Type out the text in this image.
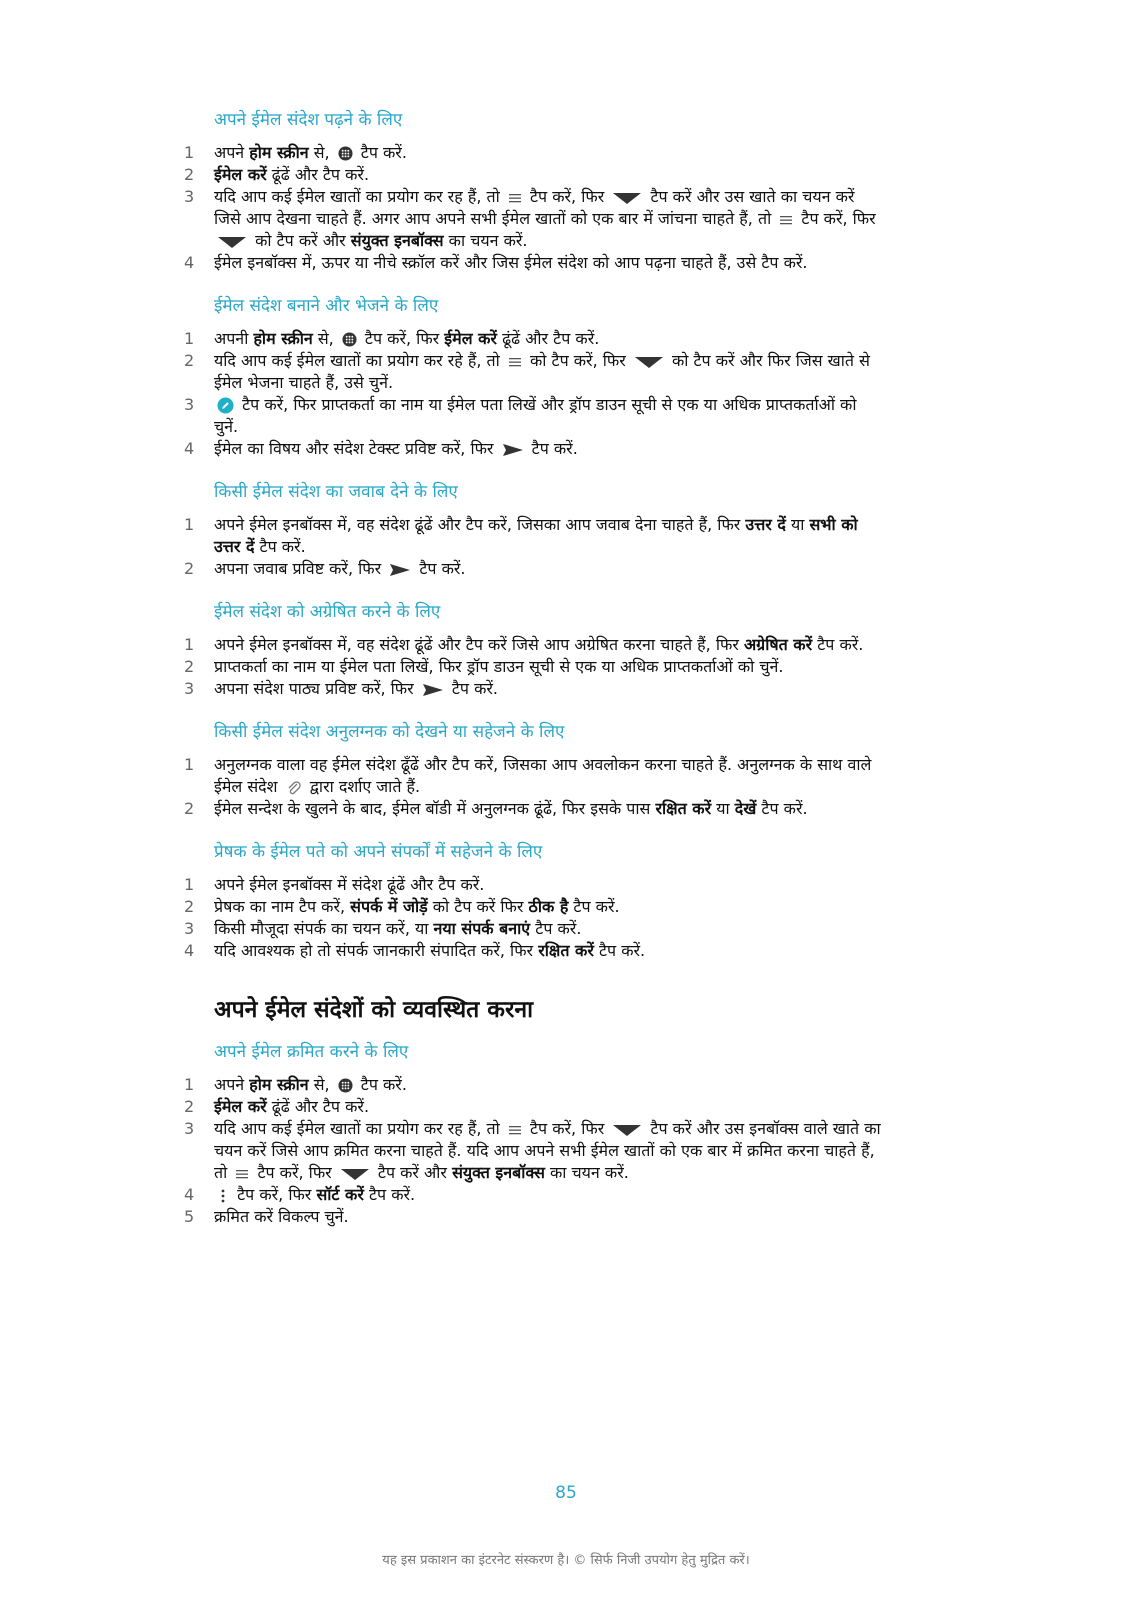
अपने ईमेल संदेश पढ़ने के लिए
1	अपने होम स्क्रीन से,
टैप करें.
2	ईमेल करें ढूंढें और टैप करें.
3	यदि आप कई ईमेल खातों का प्रयोग कर रह हैं, तो
टैप करें, फिर
टैप करें और उस खाते का चयन करें जिसे आप देखना चाहते हैं. अगर आप अपने सभी ईमेल खातों को एक बार में जांचना चाहते हैं, तो
टैप करें, फिर
को टैप करें और संयुक्त इनबॉक्स का चयन करें.
4	ईमेल इनबॉक्स में, ऊपर या नीचे स्क्रॉल करें और जिस ईमेल संदेश को आप पढ़ना चाहते हैं, उसे टैप करें.
ईमेल संदेश बनाने और भेजने के लिए
1	अपनी होम स्क्रीन से,
टैप करें, फिर ईमेल करें ढूंढें और टैप करें.
2	यदि आप कई ईमेल खातों का प्रयोग कर रहे हैं, तो
को टैप करें, फिर
को टैप करें और फिर जिस खाते से ईमेल भेजना चाहते हैं, उसे चुनें.
3	टैप करें, फिर प्राप्तकर्ता का नाम या ईमेल पता लिखें और ड्रॉप डाउन सूची से एक या अधिक प्राप्तकर्ताओं को चुनें.
4	ईमेल का विषय और संदेश टेक्स्ट प्रविष्ट करें, फिर
टैप करें.
किसी ईमेल संदेश का जवाब देने के लिए
1	अपने ईमेल इनबॉक्स में, वह संदेश ढूंढें और टैप करें, जिसका आप जवाब देना चाहते हैं, फिर उत्तर दें या सभी को उत्तर दें टैप करें.
2	अपना जवाब प्रविष्ट करें, फिर
टैप करें.
ईमेल संदेश को अग्रेषित करने के लिए
1	अपने ईमेल इनबॉक्स में, वह संदेश ढूंढें और टैप करें जिसे आप अग्रेषित करना चाहते हैं, फिर अग्रेषित करें टैप करें.
2	प्राप्तकर्ता का नाम या ईमेल पता लिखें, फिर ड्रॉप डाउन सूची से एक या अधिक प्राप्तकर्ताओं को चुनें.
3	अपना संदेश पाठ्य प्रविष्ट करें, फिर
टैप करें.
किसी ईमेल संदेश अनुलग्नक को देखने या सहेजने के लिए
1	अनुलग्नक वाला वह ईमेल संदेश ढूँढें और टैप करें, जिसका आप अवलोकन करना चाहते हैं. अनुलग्नक के साथ वाले ईमेल संदेश
द्वारा दर्शाए जाते हैं.
2	ईमेल सन्देश के खुलने के बाद, ईमेल बॉडी में अनुलग्नक ढूंढें, फिर इसके पास रक्षित करें या देखें टैप करें.
प्रेषक के ईमेल पते को अपने संपर्कों में सहेजने के लिए
1	अपने ईमेल इनबॉक्स में संदेश ढूंढें और टैप करें.
2	प्रेषक का नाम टैप करें, संपर्क में जोड़ें को टैप करें फिर ठीक है टैप करें.
3	किसी मौजूदा संपर्क का चयन करें, या नया संपर्क बनाएं टैप करें.
4	यदि आवश्यक हो तो संपर्क जानकारी संपादित करें, फिर रक्षित करें टैप करें.
अपने ईमेल संदेशों को व्यवस्थित करना
अपने ईमेल क्रमित करने के लिए
1	अपने होम स्क्रीन से,
टैप करें.
2	ईमेल करें ढूंढें और टैप करें.
3	यदि आप कई ईमेल खातों का प्रयोग कर रह हैं, तो
टैप करें, फिर
टैप करें और उस इनबॉक्स वाले खाते का चयन करें जिसे आप क्रमित करना चाहते हैं. यदि आप अपने सभी ईमेल खातों को एक बार में क्रमित करना चाहते हैं, तो
टैप करें, फिर
टैप करें और संयुक्त इनबॉक्स का चयन करें.
4	टैप करें, फिर सॉर्ट करें टैप करें.
5	क्रमित करें विकल्प चुनें.
85
यह इस प्रकाशन का इंटरनेट संस्करण है। © सिर्फ निजी उपयोग हेतु मुद्रित करें।
